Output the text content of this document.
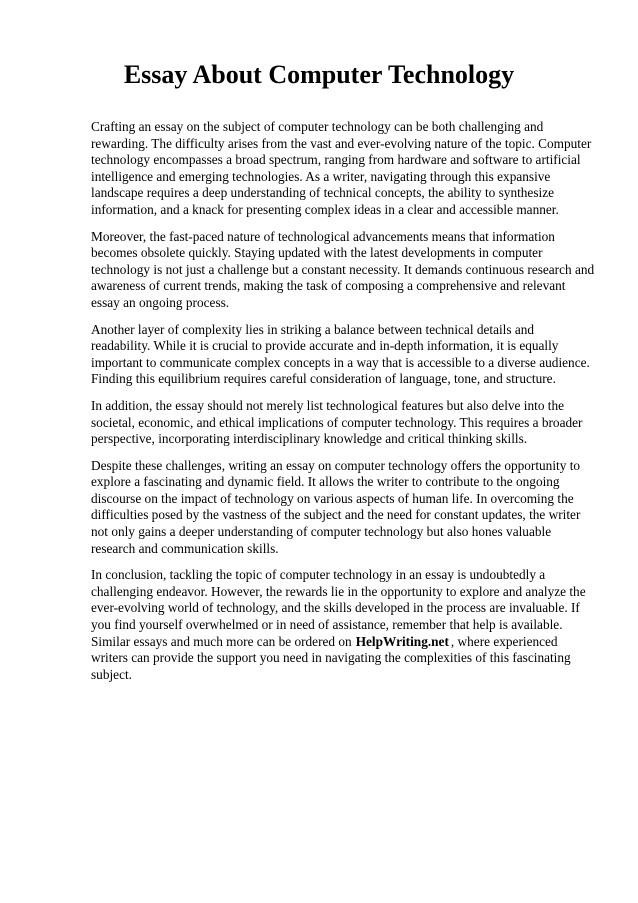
Essay About Computer Technology

Crafting an essay on the subject of computer technology can be both challenging and rewarding. The difficulty arises from the vast and ever-evolving nature of the topic. Computer technology encompasses a broad spectrum, ranging from hardware and software to artificial intelligence and emerging technologies. As a writer, navigating through this expansive landscape requires a deep understanding of technical concepts, the ability to synthesize information, and a knack for presenting complex ideas in a clear and accessible manner.

Moreover, the fast-paced nature of technological advancements means that information becomes obsolete quickly. Staying updated with the latest developments in computer technology is not just a challenge but a constant necessity. It demands continuous research and awareness of current trends, making the task of composing a comprehensive and relevant essay an ongoing process.

Another layer of complexity lies in striking a balance between technical details and readability. While it is crucial to provide accurate and in-depth information, it is equally important to communicate complex concepts in a way that is accessible to a diverse audience. Finding this equilibrium requires careful consideration of language, tone, and structure.

In addition, the essay should not merely list technological features but also delve into the societal, economic, and ethical implications of computer technology. This requires a broader perspective, incorporating interdisciplinary knowledge and critical thinking skills.

Despite these challenges, writing an essay on computer technology offers the opportunity to explore a fascinating and dynamic field. It allows the writer to contribute to the ongoing discourse on the impact of technology on various aspects of human life. In overcoming the difficulties posed by the vastness of the subject and the need for constant updates, the writer not only gains a deeper understanding of computer technology but also hones valuable research and communication skills.

In conclusion, tackling the topic of computer technology in an essay is undoubtedly a challenging endeavor. However, the rewards lie in the opportunity to explore and analyze the ever-evolving world of technology, and the skills developed in the process are invaluable. If you find yourself overwhelmed or in need of assistance, remember that help is available. Similar essays and much more can be ordered on HelpWriting.net , where experienced writers can provide the support you need in navigating the complexities of this fascinating subject.
